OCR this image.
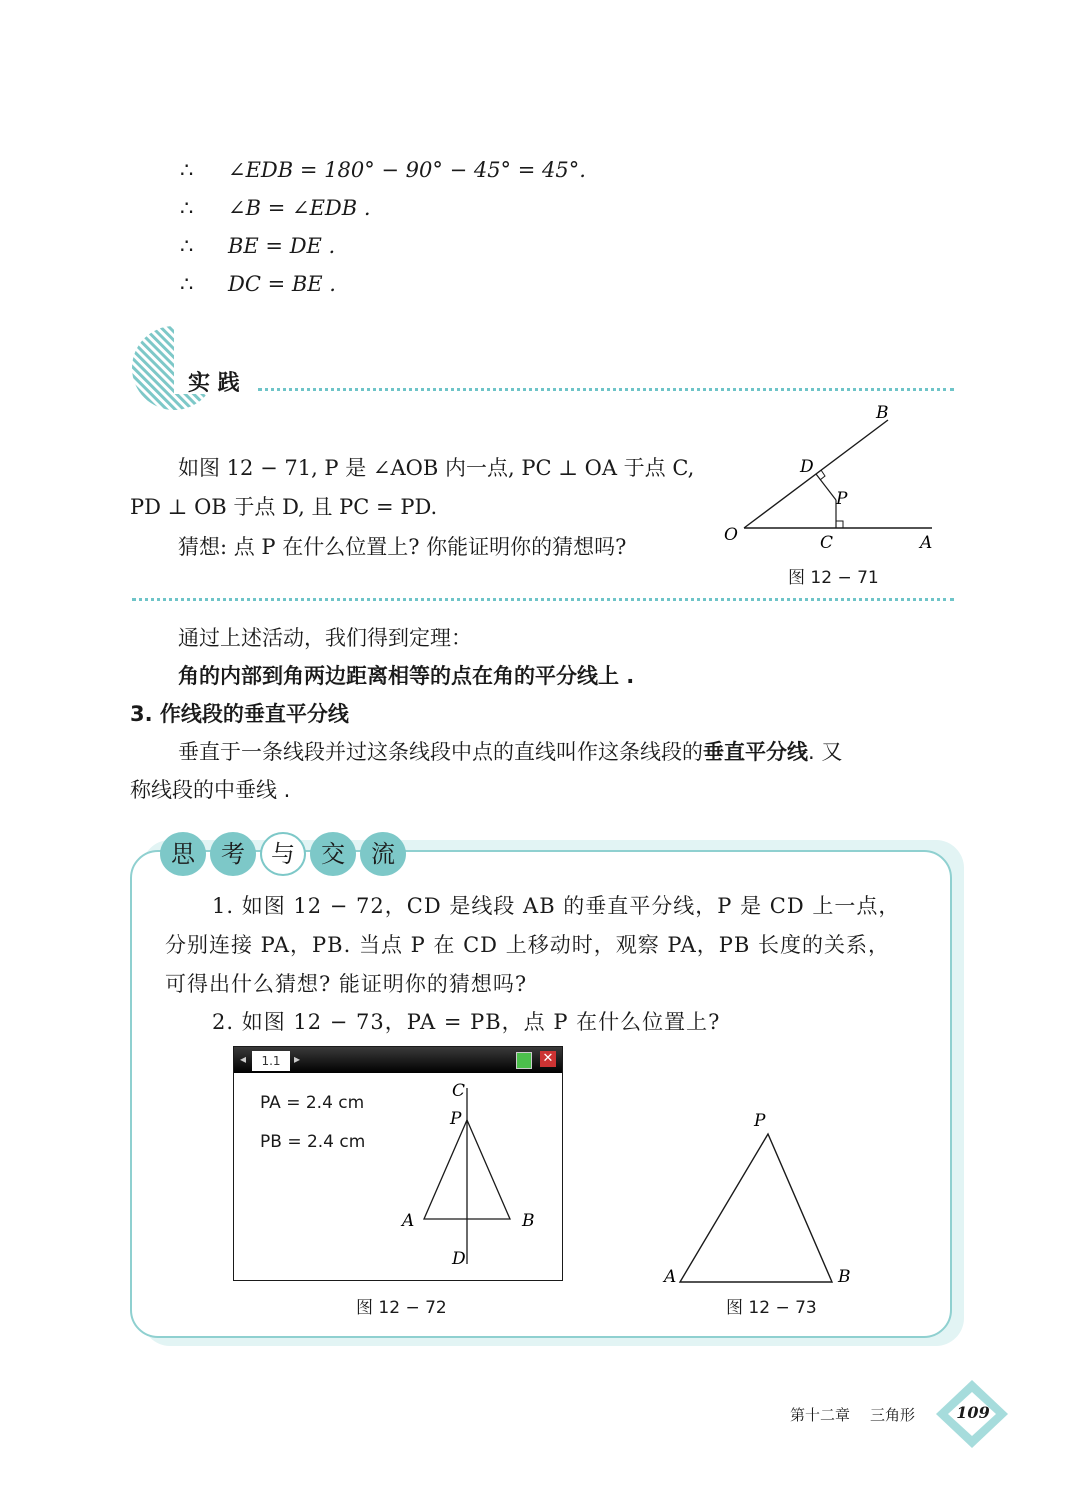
∴ ∠EDB = 180° − 90° − 45° = 45°.
∴ ∠B = ∠EDB .
∴ BE = DE .
∴ DC = BE .
实 践
如图 12 − 71, P 是 ∠AOB 内一点, PC ⊥ OA 于点 C,
PD ⊥ OB 于点 D, 且 PC = PD.
猜想: 点 P 在什么位置上? 你能证明你的猜想吗?
B
D
P
O	C	A
图 12 − 71
通过上述活动，我们得到定理：
角的内部到角两边距离相等的点在角的平分线上 .
3. 作线段的垂直平分线
垂直于一条线段并过这条线段中点的直线叫作这条线段的垂直平分线. 又
称线段的中垂线 .
思	考	与	交	流
1. 如图 12 − 72，CD 是线段 AB 的垂直平分线，P 是 CD 上一点，
分别连接 PA，PB. 当点 P 在 CD 上移动时，观察 PA，PB 长度的关系，
可得出什么猜想? 能证明你的猜想吗?
2. 如图 12 − 73，PA = PB，点 P 在什么位置上?
◂	1.1	▸	✕
PA = 2.4 cm
PB = 2.4 cm
C
P
A	B
D
图 12 − 72
P
A	B
图 12 − 73
第十二章 三角形	109
